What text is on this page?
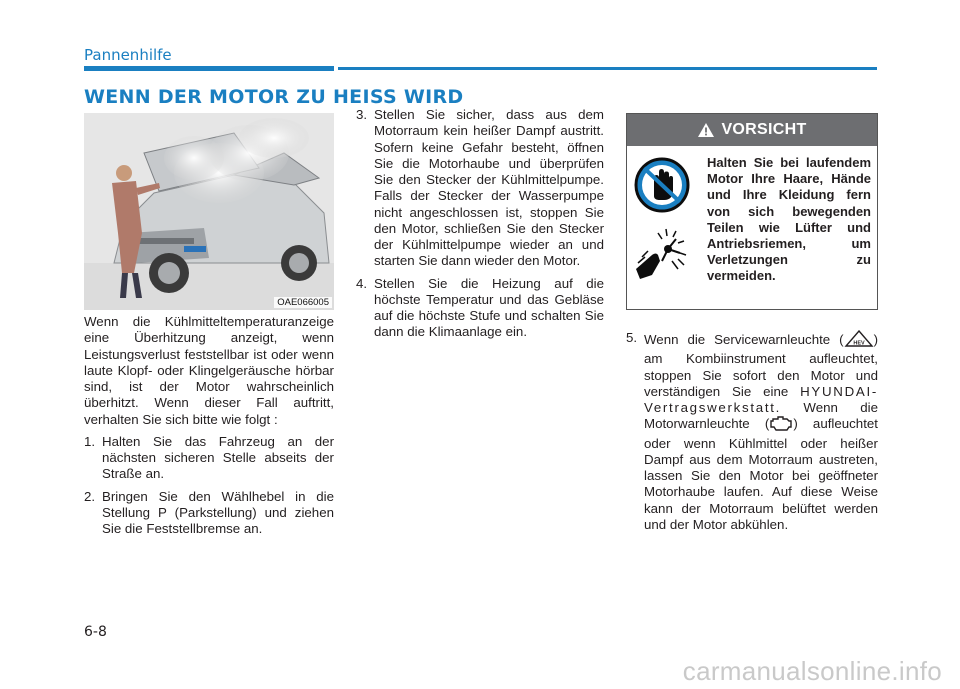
Pannenhilfe
WENN DER MOTOR ZU HEISS WIRD
OAE066005

Wenn die Kühlmitteltemperaturanzeige eine Überhitzung anzeigt, wenn Leistungsverlust feststellbar ist oder wenn laute Klopf- oder Klingelgeräusche hörbar sind, ist der Motor wahrscheinlich überhitzt. Wenn dieser Fall auftritt, verhalten Sie sich bitte wie folgt :

1. Halten Sie das Fahrzeug an der nächsten sicheren Stelle abseits der Straße an.
2. Bringen Sie den Wählhebel in die Stellung P (Parkstellung) und ziehen Sie die Feststellbremse an.
3. Stellen Sie sicher, dass aus dem Motorraum kein heißer Dampf austritt. Sofern keine Gefahr besteht, öffnen Sie die Motorhaube und überprüfen Sie den Stecker der Kühlmittelpumpe. Falls der Stecker der Wasserpumpe nicht angeschlossen ist, stoppen Sie den Motor, schließen Sie den Stecker der Kühlmittelpumpe wieder an und starten Sie dann wieder den Motor.
4. Stellen Sie die Heizung auf die höchste Temperatur und das Gebläse auf die höchste Stufe und schalten Sie dann die Klimaanlage ein.
VORSICHT
Halten Sie bei laufendem Motor Ihre Haare, Hände und Ihre Kleidung fern von sich bewegenden Teilen wie Lüfter und Antriebsriemen, um Verletzungen zu vermeiden.
5. Wenn die Servicewarnleuchte ( HEV ) am Kombiinstrument aufleuchtet, stoppen Sie sofort den Motor und verständigen Sie eine HYUNDAI-Vertragswerkstatt. Wenn die Motorwarnleuchte ( ) aufleuchtet oder wenn Kühlmittel oder heißer Dampf aus dem Motorraum austreten, lassen Sie den Motor bei geöffneter Motorhaube laufen. Auf diese Weise kann der Motorraum belüftet werden und der Motor abkühlen.
6-8
carmanualsonline.info
